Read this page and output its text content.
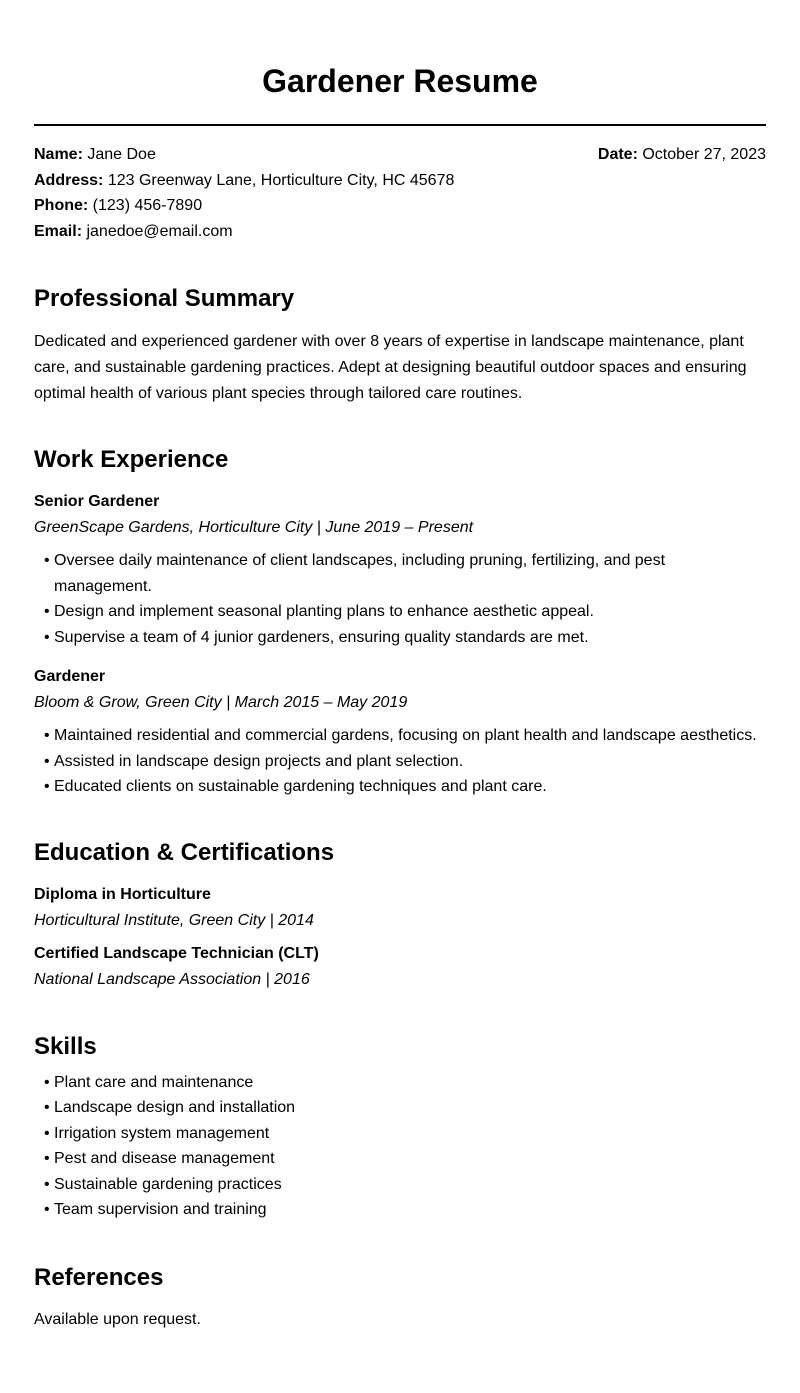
Gardener Resume
Name: Jane Doe	Date: October 27, 2023
Address: 123 Greenway Lane, Horticulture City, HC 45678
Phone: (123) 456-7890
Email: janedoe@email.com
Professional Summary
Dedicated and experienced gardener with over 8 years of expertise in landscape maintenance, plant care, and sustainable gardening practices. Adept at designing beautiful outdoor spaces and ensuring optimal health of various plant species through tailored care routines.
Work Experience
Senior Gardener
GreenScape Gardens, Horticulture City | June 2019 – Present
• Oversee daily maintenance of client landscapes, including pruning, fertilizing, and pest management.
• Design and implement seasonal planting plans to enhance aesthetic appeal.
• Supervise a team of 4 junior gardeners, ensuring quality standards are met.
Gardener
Bloom & Grow, Green City | March 2015 – May 2019
• Maintained residential and commercial gardens, focusing on plant health and landscape aesthetics.
• Assisted in landscape design projects and plant selection.
• Educated clients on sustainable gardening techniques and plant care.
Education & Certifications
Diploma in Horticulture
Horticultural Institute, Green City | 2014
Certified Landscape Technician (CLT)
National Landscape Association | 2016
Skills
• Plant care and maintenance
• Landscape design and installation
• Irrigation system management
• Pest and disease management
• Sustainable gardening practices
• Team supervision and training
References
Available upon request.
